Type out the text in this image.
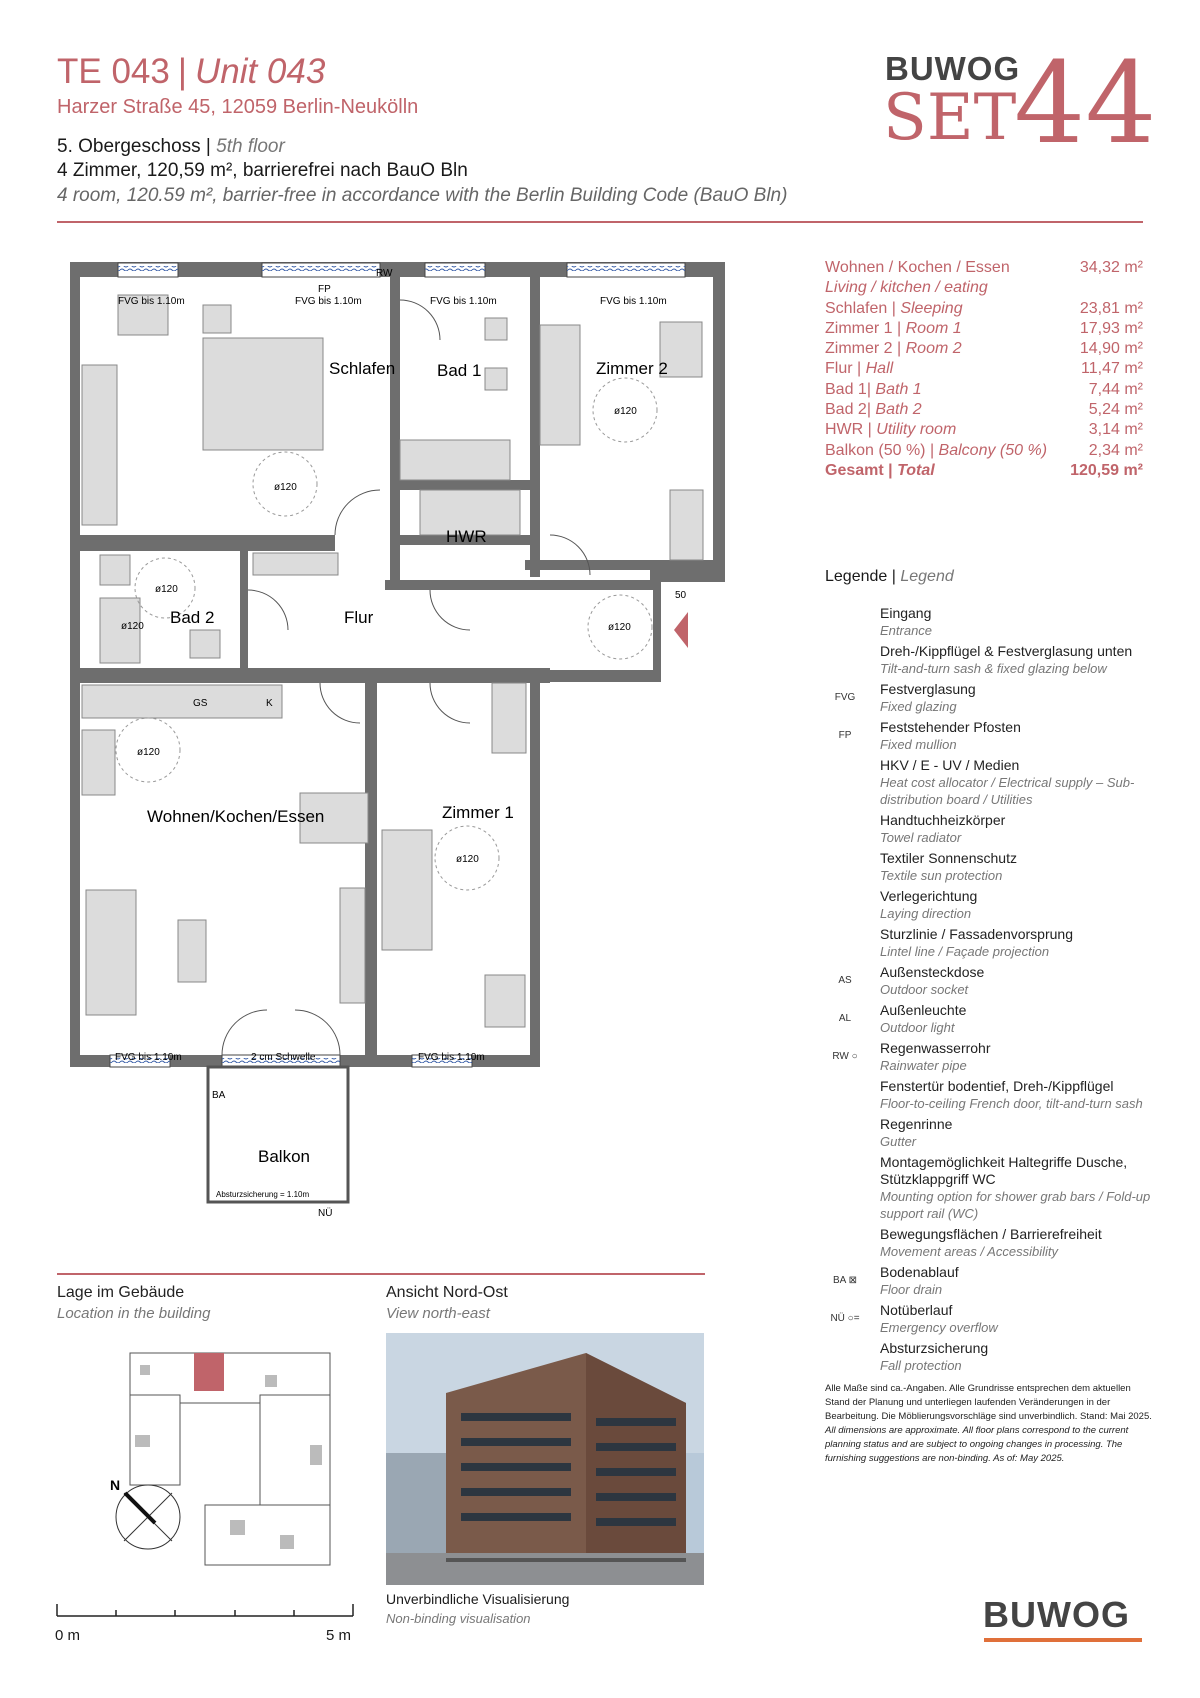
TE 043 | Unit 043
Harzer Straße 45, 12059 Berlin-Neukölln
5. Obergeschoss | 5th floor
4 Zimmer, 120,59 m², barrierefrei nach BauO Bln
4 room, 120.59 m², barrier-free in accordance with the Berlin Building Code (BauO Bln)
BUWOG
SET
44
Wohnen / Kochen / Essen	34,32 m²
Living / kitchen / eating
Schlafen | Sleeping	23,81 m²
Zimmer 1 | Room 1	17,93 m²
Zimmer 2 | Room 2	14,90 m²
Flur | Hall	11,47 m²
Bad 1| Bath 1	7,44 m²
Bad 2| Bath 2	5,24 m²
HWR | Utility room	3,14 m²
Balkon (50 %) | Balcony (50 %)	2,34 m²
Gesamt | Total	120,59 m²
Legende | Legend
Eingang
Entrance
Dreh-/Kippflügel & Festverglasung unten
Tilt-and-turn sash & fixed glazing below
FVG	Festverglasung
Fixed glazing
FP	Feststehender Pfosten
Fixed mullion
HKV / E - UV / Medien
Heat cost allocator / Electrical supply – Sub-distribution board / Utilities
Handtuchheizkörper
Towel radiator
Textiler Sonnenschutz
Textile sun protection
Verlegerichtung
Laying direction
Sturzlinie / Fassadenvorsprung
Lintel line / Façade projection
AS	Außensteckdose
Outdoor socket
AL	Außenleuchte
Outdoor light
RW ○	Regenwasserrohr
Rainwater pipe
Fenstertür bodentief, Dreh-/Kippflügel
Floor-to-ceiling French door, tilt-and-turn sash
Regenrinne
Gutter
Montagemöglichkeit Haltegriffe Dusche, Stützklappgriff WC
Mounting option for shower grab bars / Fold-up support rail (WC)
Bewegungsflächen / Barrierefreiheit
Movement areas / Accessibility
BA ⊠	Bodenablauf
Floor drain
NÜ ○=	Notüberlauf
Emergency overflow
Absturzsicherung
Fall protection
Alle Maße sind ca.-Angaben. Alle Grundrisse entsprechen dem aktuellen Stand der Planung und unterliegen laufenden Veränderungen in der Bearbeitung. Die Möblierungsvorschläge sind unverbindlich. Stand: Mai 2025.
All dimensions are approximate. All floor plans correspond to the current planning status and are subject to ongoing changes in processing. The furnishing suggestions are non-binding. As of: May 2025.
Schlafen Bad 1	Zimmer 2
HWR
Bad 2	Flur
Wohnen/Kochen/Essen	Zimmer 1
Balkon
FVG bis 1.10m	FVG bis 1.10m	FVG bis 1.10m	FVG bis 1.10m
FVG bis 1.10m	FVG bis 1.10m
2 cm Schwelle
FP
RW
ø120
ø120
ø120
ø120	ø120
ø120
ø120
GS	K
Absturzsicherung = 1.10m
BA
NÜ
50
Lage im Gebäude
Location in the building
Ansicht Nord-Ost
View north-east
N
Unverbindliche Visualisierung
Non-binding visualisation
0 m	5 m
BUWOG
